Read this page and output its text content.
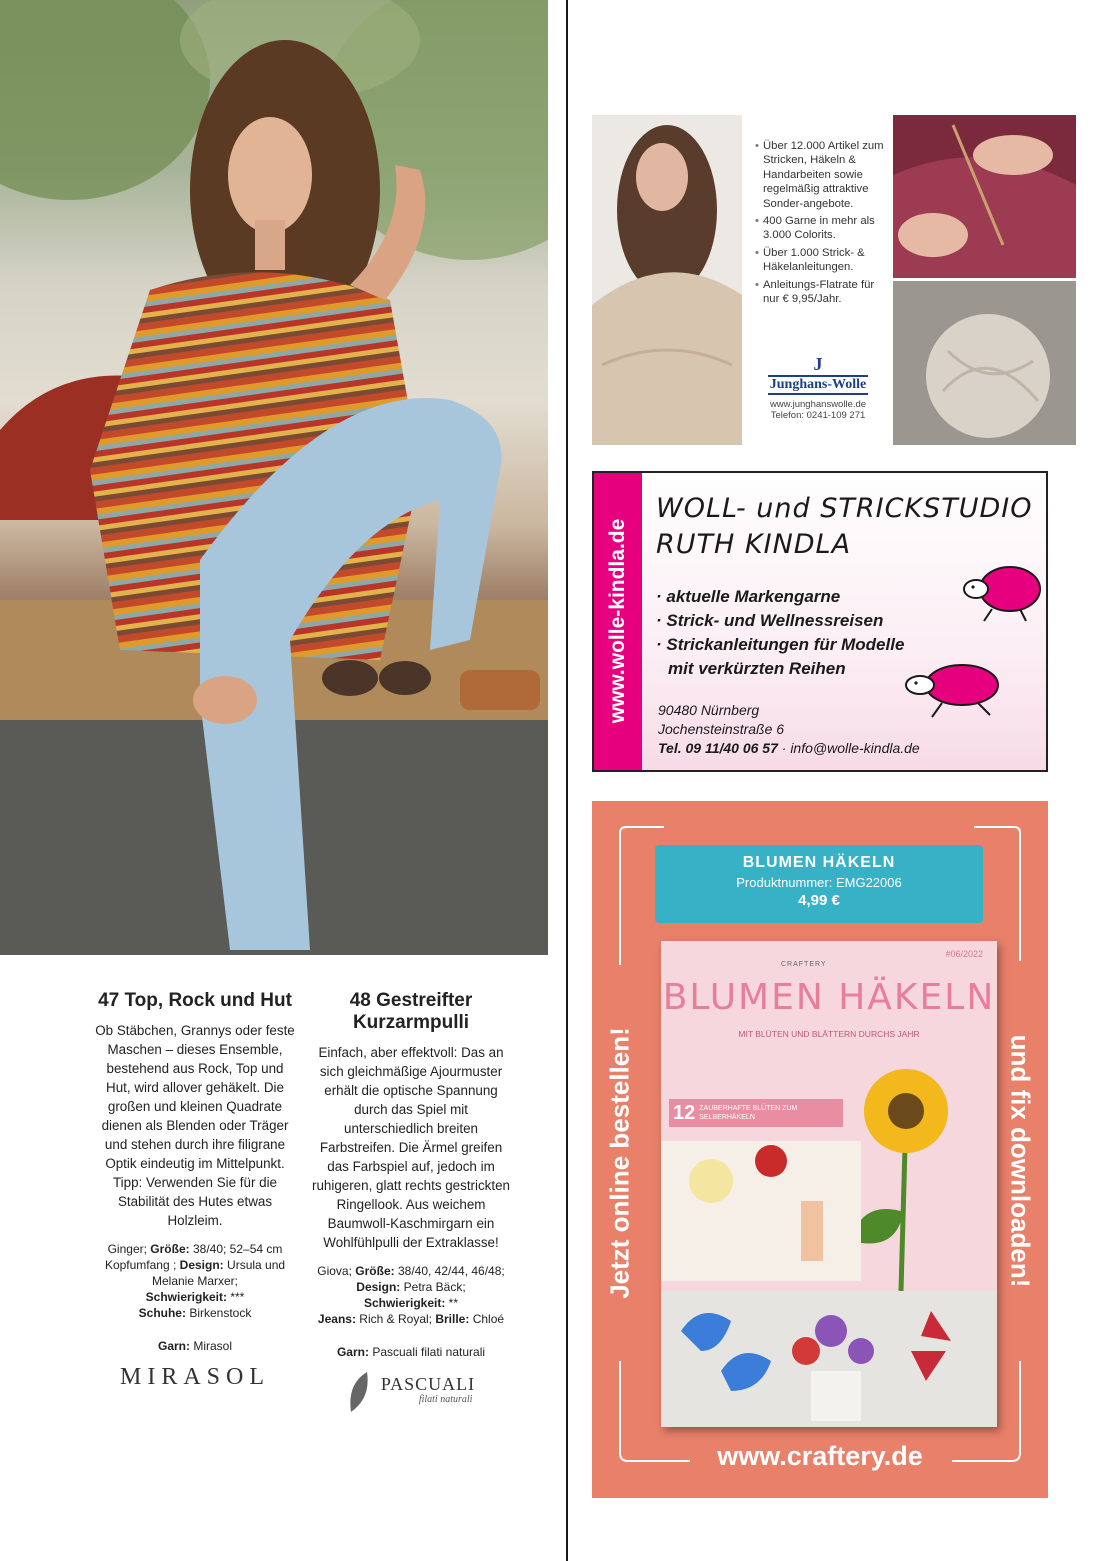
47 Top, Rock und Hut
Ob Stäbchen, Grannys oder feste Maschen – dieses Ensemble, bestehend aus Rock, Top und Hut, wird allover gehäkelt. Die großen und kleinen Quadrate dienen als Blenden oder Träger und stehen durch ihre filigrane Optik eindeutig im Mittelpunkt. Tipp: Verwenden Sie für die Stabilität des Hutes etwas Holzleim.
Ginger; Größe: 38/40; 52–54 cm Kopfumfang ; Design: Ursula und Melanie Marxer;
Schwierigkeit: ***
Schuhe: Birkenstock
Garn: Mirasol
MIRASOL
48 Gestreifter Kurzarmpulli
Einfach, aber effektvoll: Das an sich gleichmäßige Ajourmuster erhält die optische Spannung durch das Spiel mit unterschiedlich breiten Farbstreifen. Die Ärmel greifen das Farbspiel auf, jedoch im ruhigeren, glatt rechts gestrickten Ringellook. Aus weichem Baumwoll-Kaschmirgarn ein Wohlfühlpulli der Extraklasse!
Giova; Größe: 38/40, 42/44, 46/48; Design: Petra Bäck;
Schwierigkeit: **
Jeans: Rich & Royal; Brille: Chloé
Garn: Pascuali filati naturali
PASCUALI
filati naturali
• Über 12.000 Artikel zum Stricken, Häkeln & Handarbeiten sowie regelmäßig attraktive Sonder-angebote.
• 400 Garne in mehr als 3.000 Colorits.
• Über 1.000 Strick- & Häkelanleitungen.
• Anleitungs-Flatrate für nur € 9,95/Jahr.
J
Junghans-Wolle
www.junghanswolle.de
Telefon: 0241-109 271
www.wolle-kindla.de
WOLL- und STRICKSTUDIO
RUTH KINDLA
· aktuelle Markengarne
· Strick- und Wellnessreisen
· Strickanleitungen für Modelle
mit verkürzten Reihen
90480 Nürnberg
Jochensteinstraße 6
Tel. 09 11/40 06 57 · info@wolle-kindla.de
BLUMEN HÄKELN
Produktnummer: EMG22006
4,99 €
Jetzt online bestellen!	und fix downloaden!
#06/2022
CRAFTERY
BLUMEN HÄKELN
MIT BLÜTEN UND BLÄTTERN DURCHS JAHR
12 ZAUBERHAFTE BLÜTEN ZUM SELBERHÄKELN
www.craftery.de
